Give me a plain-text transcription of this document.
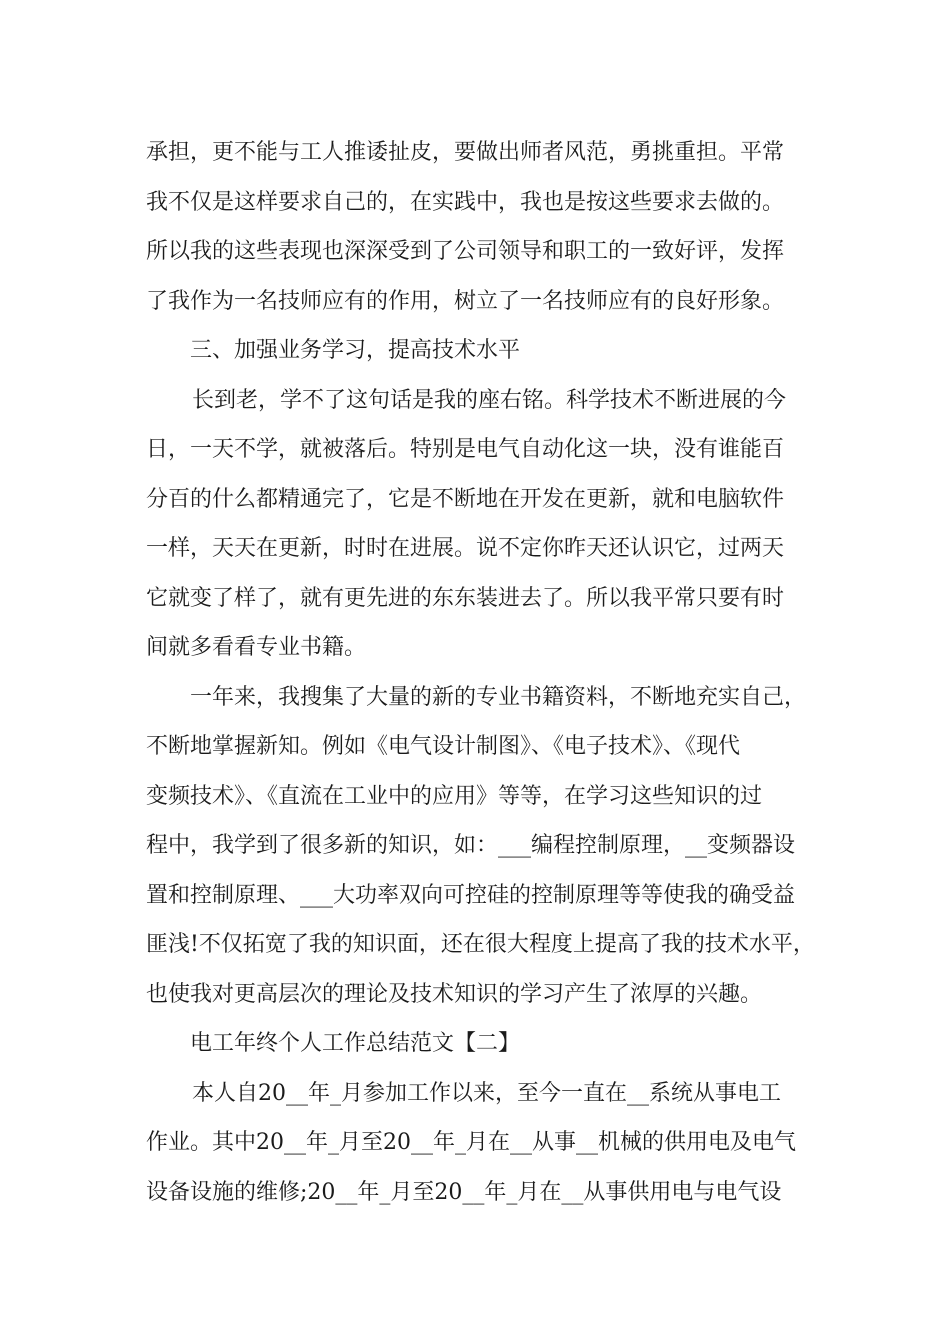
承担，更不能与工人推诿扯皮，要做出师者风范，勇挑重担。平常
我不仅是这样要求自己的，在实践中，我也是按这些要求去做的。
所以我的这些表现也深深受到了公司领导和职工的一致好评，发挥
了我作为一名技师应有的作用，树立了一名技师应有的良好形象。
三、加强业务学习，提高技术水平
长到老，学不了这句话是我的座右铭。科学技术不断进展的今
日，一天不学，就被落后。特别是电气自动化这一块，没有谁能百
分百的什么都精通完了，它是不断地在开发在更新，就和电脑软件
一样，天天在更新，时时在进展。说不定你昨天还认识它，过两天
它就变了样了，就有更先进的东东装进去了。所以我平常只要有时
间就多看看专业书籍。
一年来，我搜集了大量的新的专业书籍资料，不断地充实自己，
不断地掌握新知。例如《电气设计制图》、《电子技术》、《现代
变频技术》、《直流在工业中的应用》等等，在学习这些知识的过
程中，我学到了很多新的知识，如：___编程控制原理，__变频器设
置和控制原理、___大功率双向可控硅的控制原理等等使我的确受益
匪浅!不仅拓宽了我的知识面，还在很大程度上提高了我的技术水平，
也使我对更高层次的理论及技术知识的学习产生了浓厚的兴趣。
电工年终个人工作总结范文【二】
本人自20__年_月参加工作以来，至今一直在__系统从事电工
作业。其中20__年_月至20__年_月在__从事__机械的供用电及电气
设备设施的维修;20__年_月至20__年_月在__从事供用电与电气设
